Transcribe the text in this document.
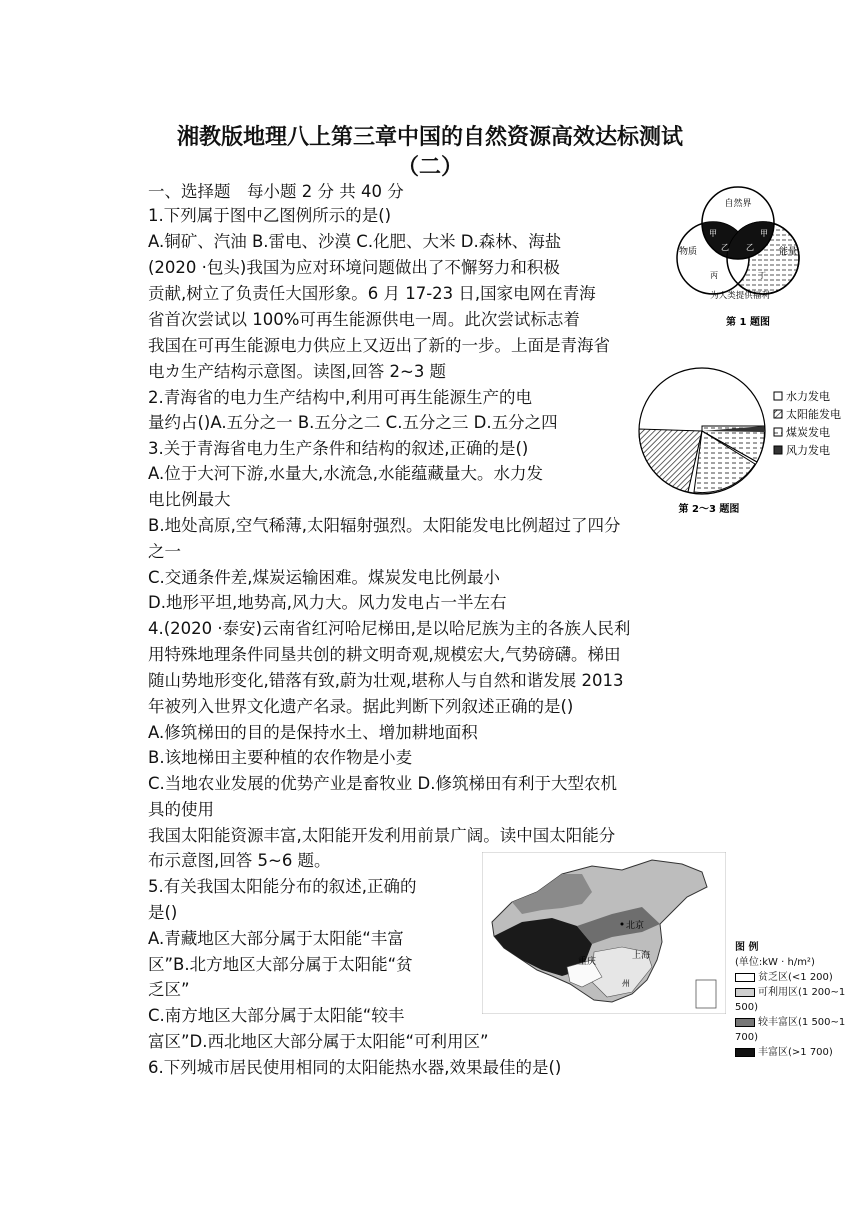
湘教版地理八上第三章中国的自然资源高效达标测试
（二）
一、选择题　每小题 2 分 共 40 分
1.下列属于图中乙图例所示的是()
A.铜矿、汽油 B.雷电、沙漠 C.化肥、大米 D.森林、海盐
(2020 ·包头)我国为应对环境问题做出了不懈努力和积极
贡献,树立了负责任大国形象。6 月 17-23 日,国家电网在青海
省首次尝试以 100%可再生能源供电一周。此次尝试标志着
我国在可再生能源电力供应上又迈出了新的一步。上面是青海省
电カ生产结构示意图。读图,回答 2~3 题
2.青海省的电力生产结构中,利用可再生能源生产的电
量约占()A.五分之一 B.五分之二 C.五分之三 D.五分之四
3.关于青海省电力生产条件和结构的叙述,正确的是()
A.位于大河下游,水量大,水流急,水能蕴藏量大。水力发
电比例最大
B.地处高原,空气稀薄,太阳辐射强烈。太阳能发电比例超过了四分
之一
C.交通条件差,煤炭运输困难。煤炭发电比例最小
D.地形平坦,地势高,风力大。风力发电占一半左右
4.(2020 ·泰安)云南省红河哈尼梯田,是以哈尼族为主的各族人民利
用特殊地理条件同垦共创的耕文明奇观,规模宏大,气势磅礴。梯田
随山势地形变化,错落有致,蔚为壮观,堪称人与自然和谐发展 2013
年被列入世界文化遗产名录。据此判断下列叙述正确的是()
A.修筑梯田的目的是保持水土、增加耕地面积
B.该地梯田主要种植的农作物是小麦
C.当地农业发展的优势产业是畜牧业 D.修筑梯田有利于大型农机
具的使用
我国太阳能资源丰富,太阳能开发利用前景广阔。读中国太阳能分
布示意图,回答 5~6 题。
5.有关我国太阳能分布的叙述,正确的
是()
A.青藏地区大部分属于太阳能“丰富
区”B.北方地区大部分属于太阳能“贫
乏区”
C.南方地区大部分属于太阳能“较丰
富区”D.西北地区大部分属于太阳能“可利用区”
6.下列城市居民使用相同的太阳能热水器,效果最佳的是()
自然界
物质	能量
甲
乙 乙
甲
丙	丁
为人类提供福利
第 1 题图
水力发电
太阳能发电
煤炭发电
风力发电
第 2～3 题图
北京
重庆
上海
州
图 例
(单位:kW · h/m²)
贫乏区(<1 200)
可利用区(1 200~1 500)
较丰富区(1 500~1 700)
丰富区(>1 700)
